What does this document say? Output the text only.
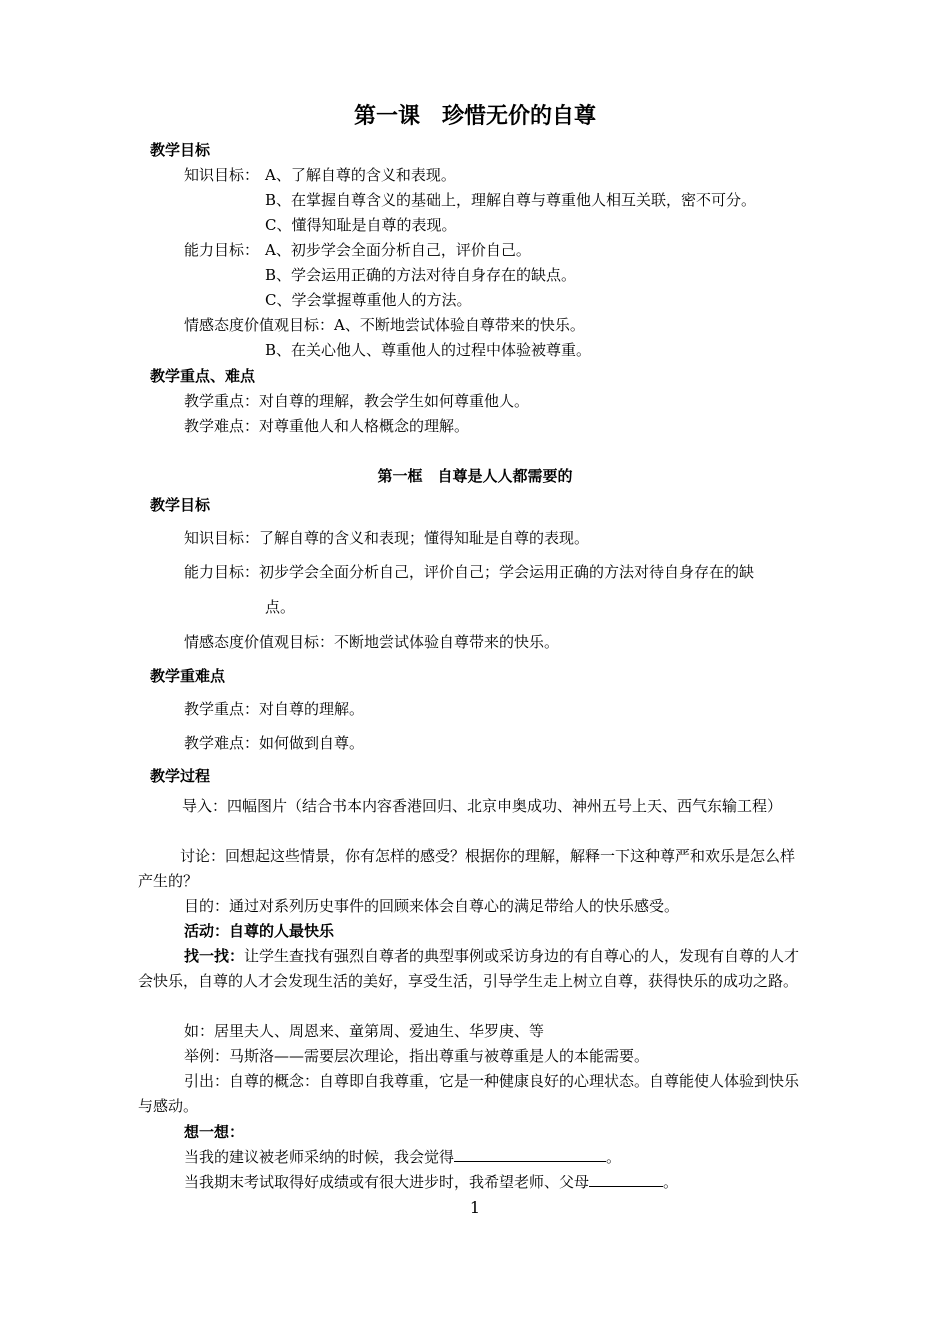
第一课　珍惜无价的自尊
教学目标
知识目标： A、了解自尊的含义和表现。
B、在掌握自尊含义的基础上，理解自尊与尊重他人相互关联，密不可分。
C、懂得知耻是自尊的表现。
能力目标： A、初步学会全面分析自己，评价自己。
B、学会运用正确的方法对待自身存在的缺点。
C、学会掌握尊重他人的方法。
情感态度价值观目标： A、不断地尝试体验自尊带来的快乐。
B、在关心他人、尊重他人的过程中体验被尊重。
教学重点、难点
教学重点：对自尊的理解，教会学生如何尊重他人。
教学难点：对尊重他人和人格概念的理解。
第一框　自尊是人人都需要的
教学目标
知识目标：了解自尊的含义和表现；懂得知耻是自尊的表现。
能力目标：初步学会全面分析自己，评价自己；学会运用正确的方法对待自身存在的缺
点。
情感态度价值观目标：不断地尝试体验自尊带来的快乐。
教学重难点
教学重点：对自尊的理解。
教学难点：如何做到自尊。
教学过程
导入：四幅图片（结合书本内容香港回归、北京申奥成功、神州五号上天、西气东输工程）
讨论：回想起这些情景，你有怎样的感受？根据你的理解，解释一下这种尊严和欢乐是怎么样产生的？
目的：通过对系列历史事件的回顾来体会自尊心的满足带给人的快乐感受。
活动：自尊的人最快乐
找一找：让学生查找有强烈自尊者的典型事例或采访身边的有自尊心的人，发现有自尊的人才会快乐，自尊的人才会发现生活的美好，享受生活，引导学生走上树立自尊，获得快乐的成功之路。
如：居里夫人、周恩来、童第周、爱迪生、华罗庚、等
举例：马斯洛——需要层次理论，指出尊重与被尊重是人的本能需要。
引出：自尊的概念：自尊即自我尊重，它是一种健康良好的心理状态。自尊能使人体验到快乐与感动。
想一想：
当我的建议被老师采纳的时候，我会觉得	。
当我期末考试取得好成绩或有很大进步时，我希望老师、父母	。
1
